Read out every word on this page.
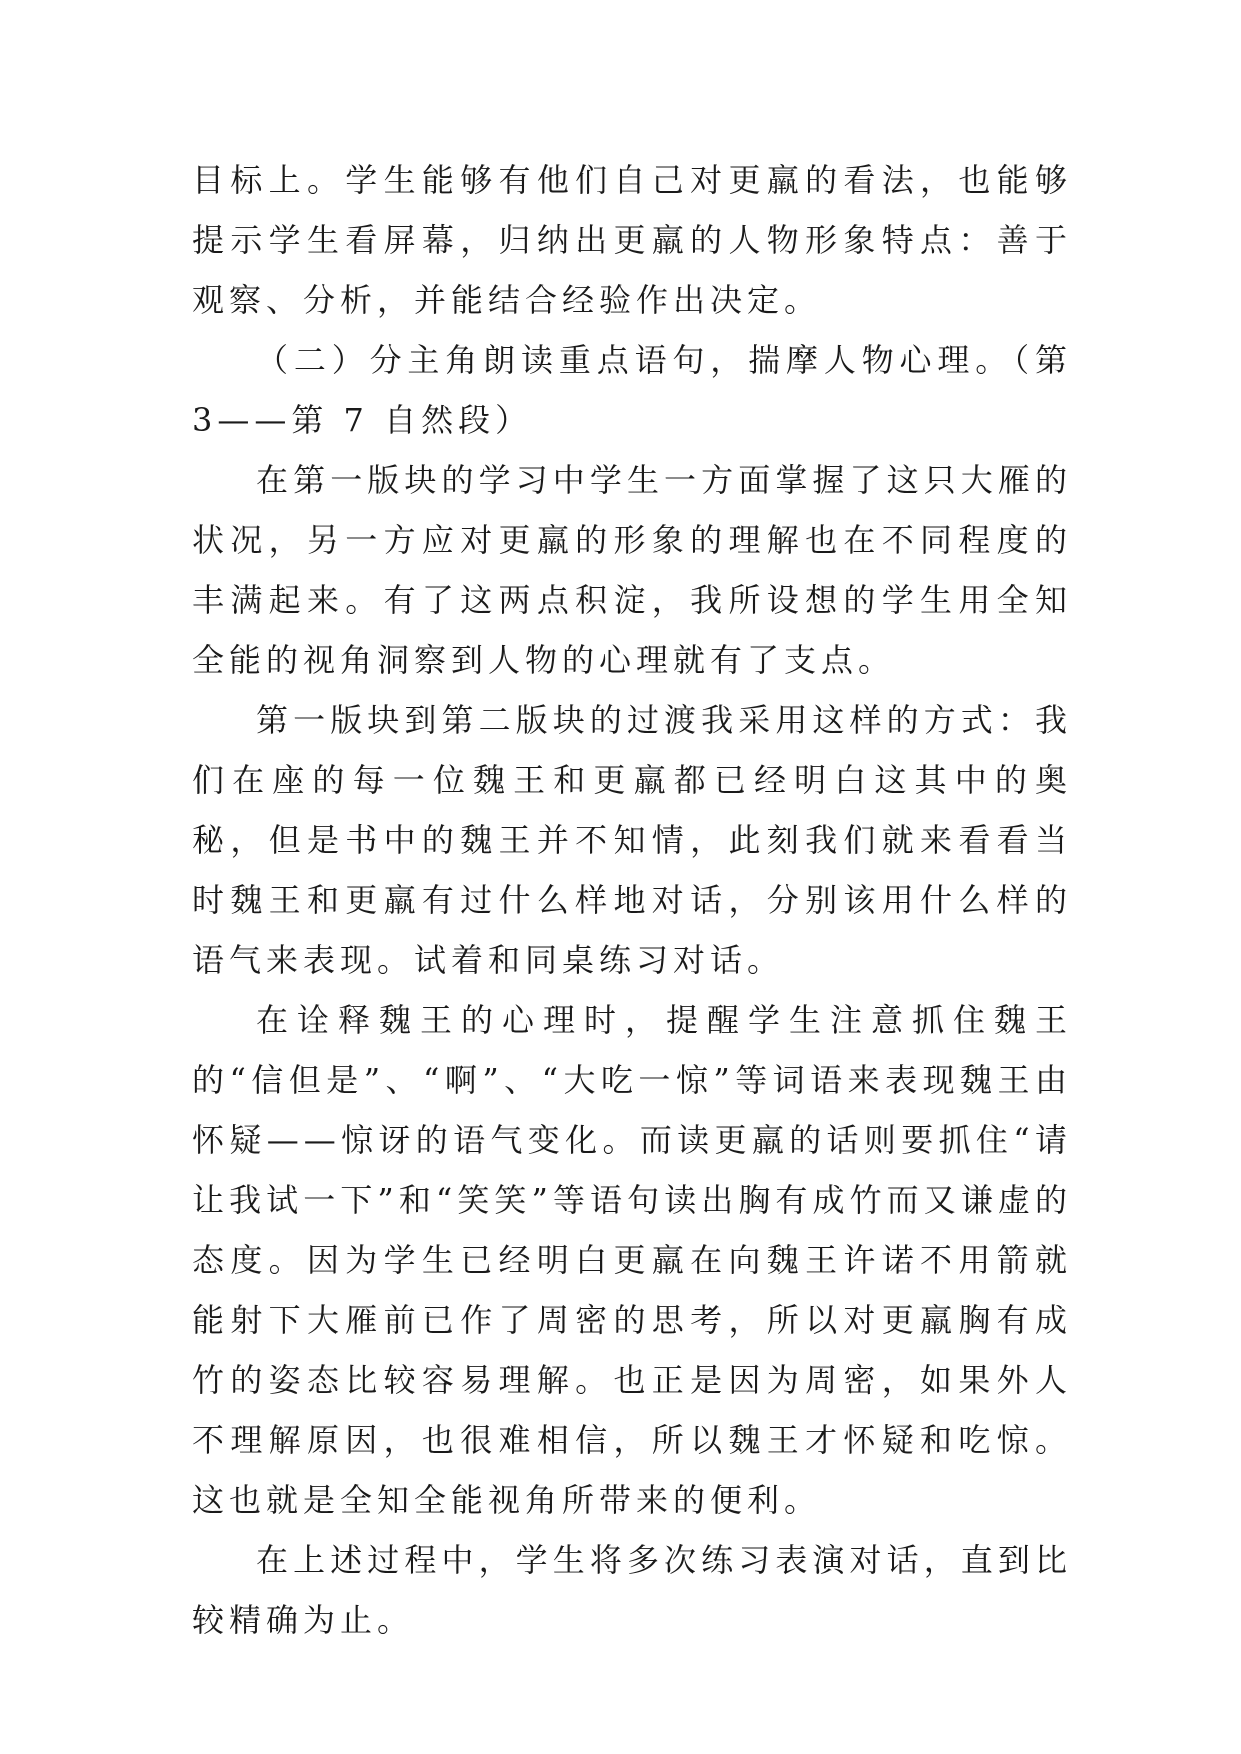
目标上。学生能够有他们自己对更羸的看法，也能够提示学生看屏幕，归纳出更羸的人物形象特点：善于观察、分析，并能结合经验作出决定。

（二）分主角朗读重点语句，揣摩人物心理。（第 3——第 7 自然段）

在第一版块的学习中学生一方面掌握了这只大雁的状况，另一方应对更羸的形象的理解也在不同程度的丰满起来。有了这两点积淀，我所设想的学生用全知全能的视角洞察到人物的心理就有了支点。

第一版块到第二版块的过渡我采用这样的方式：我们在座的每一位魏王和更羸都已经明白这其中的奥秘，但是书中的魏王并不知情，此刻我们就来看看当时魏王和更羸有过什么样地对话，分别该用什么样的语气来表现。试着和同桌练习对话。

在诠释魏王的心理时，提醒学生注意抓住魏王的“信但是”、“啊”、“大吃一惊”等词语来表现魏王由怀疑——惊讶的语气变化。而读更羸的话则要抓住“请让我试一下”和“笑笑”等语句读出胸有成竹而又谦虚的态度。因为学生已经明白更羸在向魏王许诺不用箭就能射下大雁前已作了周密的思考，所以对更羸胸有成竹的姿态比较容易理解。也正是因为周密，如果外人不理解原因，也很难相信，所以魏王才怀疑和吃惊。这也就是全知全能视角所带来的便利。

在上述过程中，学生将多次练习表演对话，直到比较精确为止。
